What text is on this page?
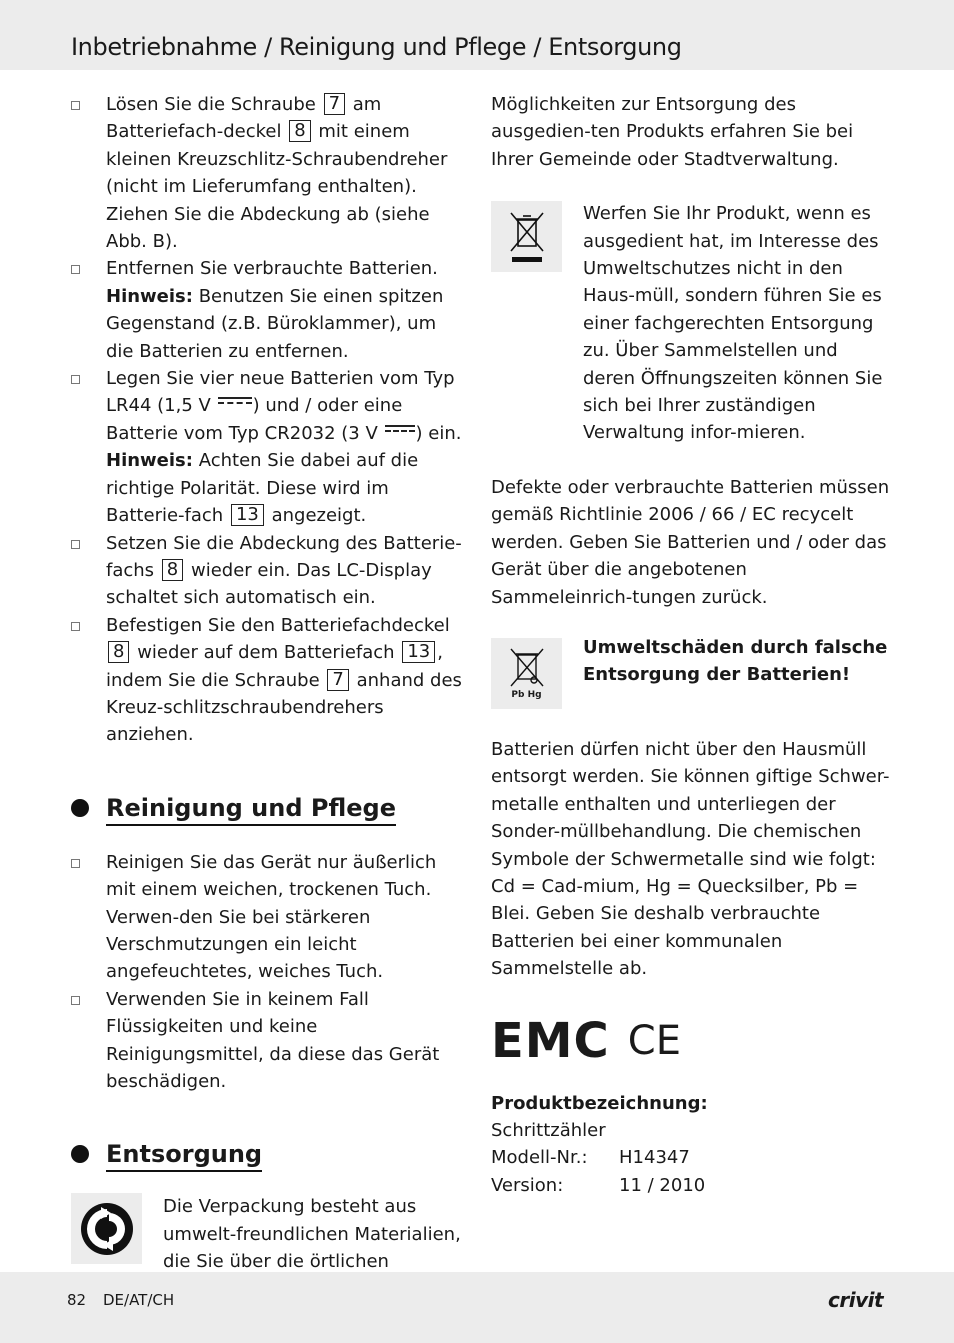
Inbetriebnahme / Reinigung und Pflege / Entsorgung
Lösen Sie die Schraube 7 am Batteriefach-deckel 8 mit einem kleinen Kreuzschlitz-Schraubendreher (nicht im Lieferumfang enthalten). Ziehen Sie die Abdeckung ab (siehe Abb. B).
Entfernen Sie verbrauchte Batterien.
Hinweis: Benutzen Sie einen spitzen Gegenstand (z.B. Büroklammer), um die Batterien zu entfernen.
Legen Sie vier neue Batterien vom Typ LR44 (1,5 V ) und / oder eine Batterie vom Typ CR2032 (3 V ) ein.
Hinweis: Achten Sie dabei auf die richtige Polarität. Diese wird im Batterie-fach 13 angezeigt.
Setzen Sie die Abdeckung des Batterie-fachs 8 wieder ein. Das LC-Display schaltet sich automatisch ein.
Befestigen Sie den Batteriefachdeckel 8 wieder auf dem Batteriefach 13 , indem Sie die Schraube 7 anhand des Kreuz-schlitzschraubendrehers anziehen.
Reinigung und Pflege
Reinigen Sie das Gerät nur äußerlich mit einem weichen, trockenen Tuch. Verwen-den Sie bei stärkeren Verschmutzungen ein leicht angefeuchtetes, weiches Tuch.
Verwenden Sie in keinem Fall Flüssigkeiten und keine Reinigungsmittel, da diese das Gerät beschädigen.
Entsorgung

Die Verpackung besteht aus umwelt-freundlichen Materialien, die Sie über die örtlichen

Möglichkeiten zur Entsorgung des ausgedien-ten Produkts erfahren Sie bei Ihrer Gemeinde oder Stadtverwaltung.

Werfen Sie Ihr Produkt, wenn es ausgedient hat, im Interesse des Umweltschutzes nicht in den Haus-müll, sondern führen Sie es einer fachgerechten Entsorgung zu. Über Sammelstellen und deren Öffnungszeiten können Sie sich bei Ihrer zuständigen Verwaltung infor-mieren.

Defekte oder verbrauchte Batterien müssen gemäß Richtlinie 2006 / 66 / EC recycelt werden. Geben Sie Batterien und / oder das Gerät über die angebotenen Sammeleinrich-tungen zurück.

Pb Hg

Umweltschäden durch falsche Entsorgung der Batterien!

Batterien dürfen nicht über den Hausmüll entsorgt werden. Sie können giftige Schwer-metalle enthalten und unterliegen der Sonder-müllbehandlung. Die chemischen Symbole der Schwermetalle sind wie folgt: Cd = Cad-mium, Hg = Quecksilber, Pb = Blei. Geben Sie deshalb verbrauchte Batterien bei einer kommunalen Sammelstelle ab.

EMC CE
Produktbezeichnung:
Schrittzähler
Modell-Nr.:	H14347
Version:	11 / 2010
82 DE/AT/CH	crivit
